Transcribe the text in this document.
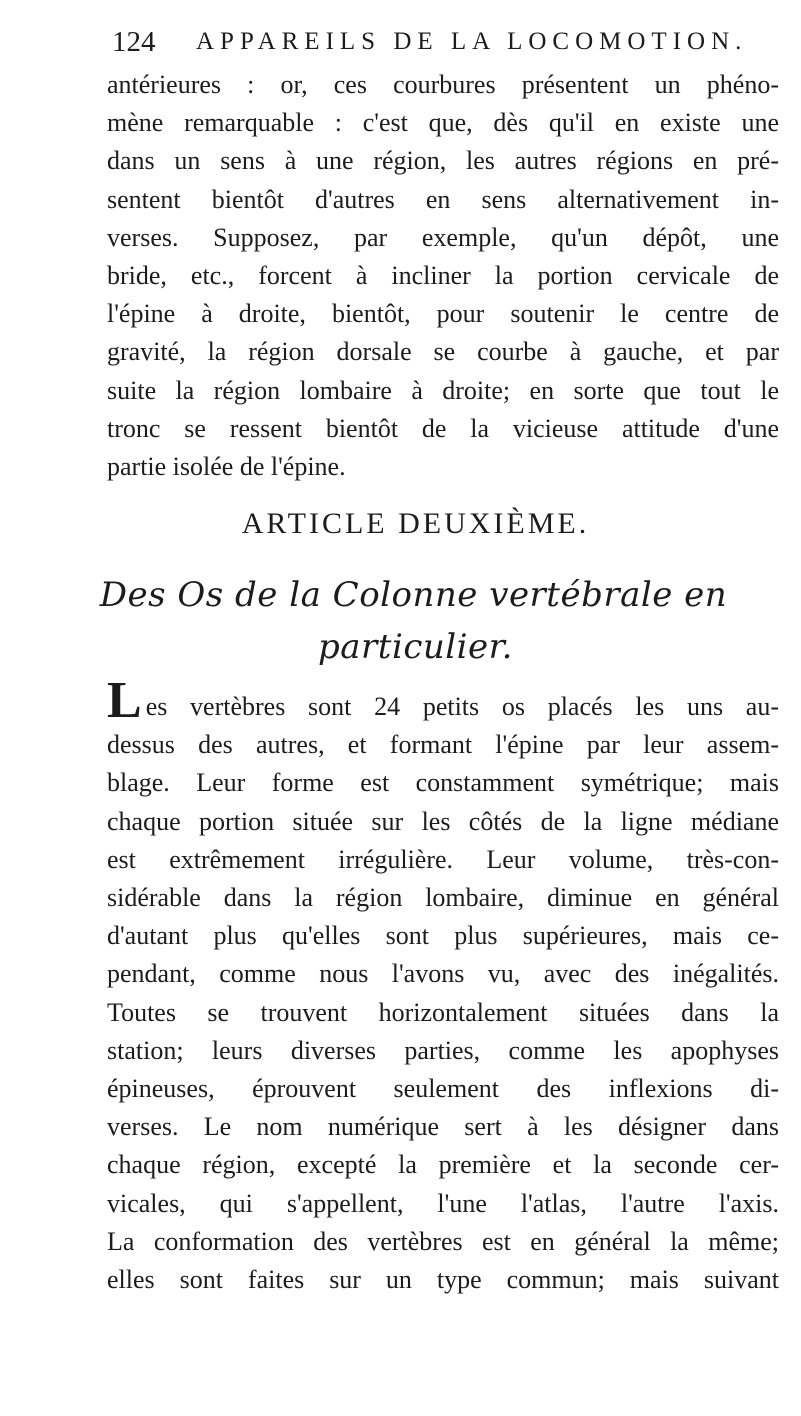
124 APPAREILS DE LA LOCOMOTION.
antérieures : or, ces courbures présentent un phéno-
mène remarquable : c'est que, dès qu'il en existe une
dans un sens à une région, les autres régions en pré-
sentent bientôt d'autres en sens alternativement in-
verses. Supposez, par exemple, qu'un dépôt, une
bride, etc., forcent à incliner la portion cervicale de
l'épine à droite, bientôt, pour soutenir le centre de
gravité, la région dorsale se courbe à gauche, et par
suite la région lombaire à droite; en sorte que tout le
tronc se ressent bientôt de la vicieuse attitude d'une
partie isolée de l'épine.
ARTICLE DEUXIÈME.
Des Os de la Colonne vertébrale en
particulier.
Les vertèbres sont 24 petits os placés les uns au-
dessus des autres, et formant l'épine par leur assem-
blage. Leur forme est constamment symétrique; mais
chaque portion située sur les côtés de la ligne médiane
est extrêmement irrégulière. Leur volume, très-con-
sidérable dans la région lombaire, diminue en général
d'autant plus qu'elles sont plus supérieures, mais ce-
pendant, comme nous l'avons vu, avec des inégalités.
Toutes se trouvent horizontalement situées dans la
station; leurs diverses parties, comme les apophyses
épineuses, éprouvent seulement des inflexions di-
verses. Le nom numérique sert à les désigner dans
chaque région, excepté la première et la seconde cer-
vicales, qui s'appellent, l'une l'atlas, l'autre l'axis.
La conformation des vertèbres est en général la même;
elles sont faites sur un type commun; mais suivant
